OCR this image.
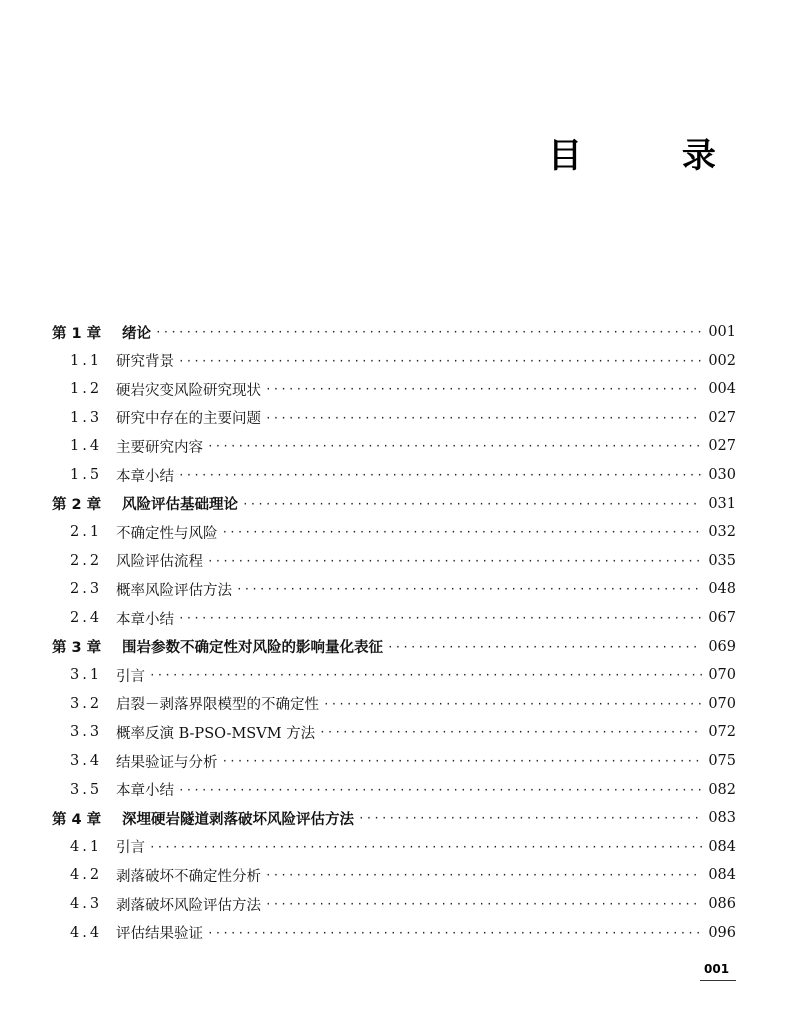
目 录
第 1 章	绪论 ·····	001
1.1 研究背景 ·····	002
1.2 硬岩灾变风险研究现状 ·····	004
1.3 研究中存在的主要问题 ·····	027
1.4 主要研究内容 ·····	027
1.5 本章小结 ·····	030
第 2 章	风险评估基础理论 ·····	031
2.1 不确定性与风险 ·····	032
2.2 风险评估流程 ·····	035
2.3 概率风险评估方法 ·····	048
2.4 本章小结 ·····	067
第 3 章	围岩参数不确定性对风险的影响量化表征 ·····	069
3.1 引言 ·····	070
3.2 启裂－剥落界限模型的不确定性 ·····	070
3.3 概率反演 B-PSO-MSVM 方法 ·····	072
3.4 结果验证与分析 ·····	075
3.5 本章小结 ·····	082
第 4 章	深埋硬岩隧道剥落破坏风险评估方法 ·····	083
4.1 引言 ·····	084
4.2 剥落破坏不确定性分析 ·····	084
4.3 剥落破坏风险评估方法 ·····	086
4.4 评估结果验证 ·····	096
001
